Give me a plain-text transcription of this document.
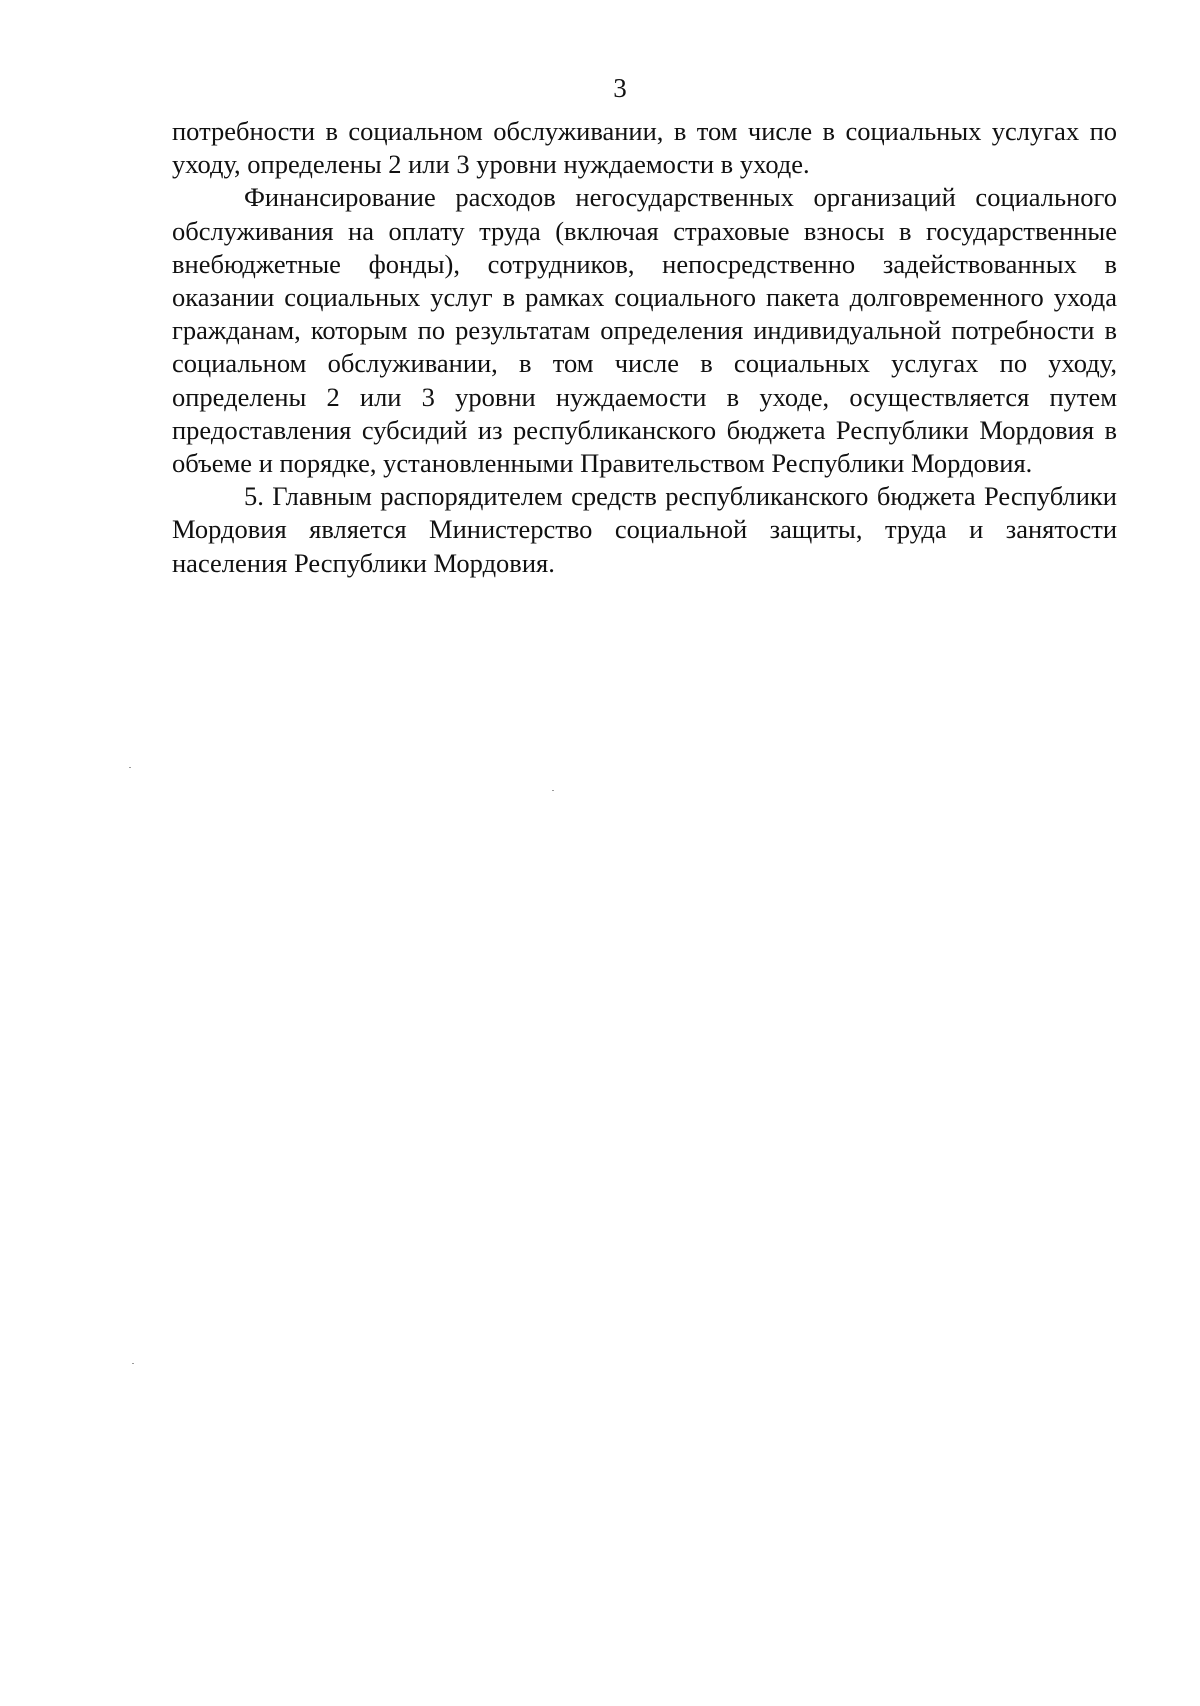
3

потребности в социальном обслуживании, в том числе в социальных услугах по уходу, определены 2 или 3 уровни нуждаемости в уходе.

Финансирование расходов негосударственных организаций социального обслуживания на оплату труда (включая страховые взносы в государственные внебюджетные фонды), сотрудников, непосредственно задействованных в оказании социальных услуг в рамках социального пакета долговременного ухода гражданам, которым по результатам определения индивидуальной потребности в социальном обслуживании, в том числе в социальных услугах по уходу, определены 2 или 3 уровни нуждаемости в уходе, осуществляется путем предоставления субсидий из республиканского бюджета Республики Мордовия в объеме и порядке, установленными Правительством Республики Мордовия.

5. Главным распорядителем средств республиканского бюджета Республики Мордовия является Министерство социальной защиты, труда и занятости населения Республики Мордовия.
